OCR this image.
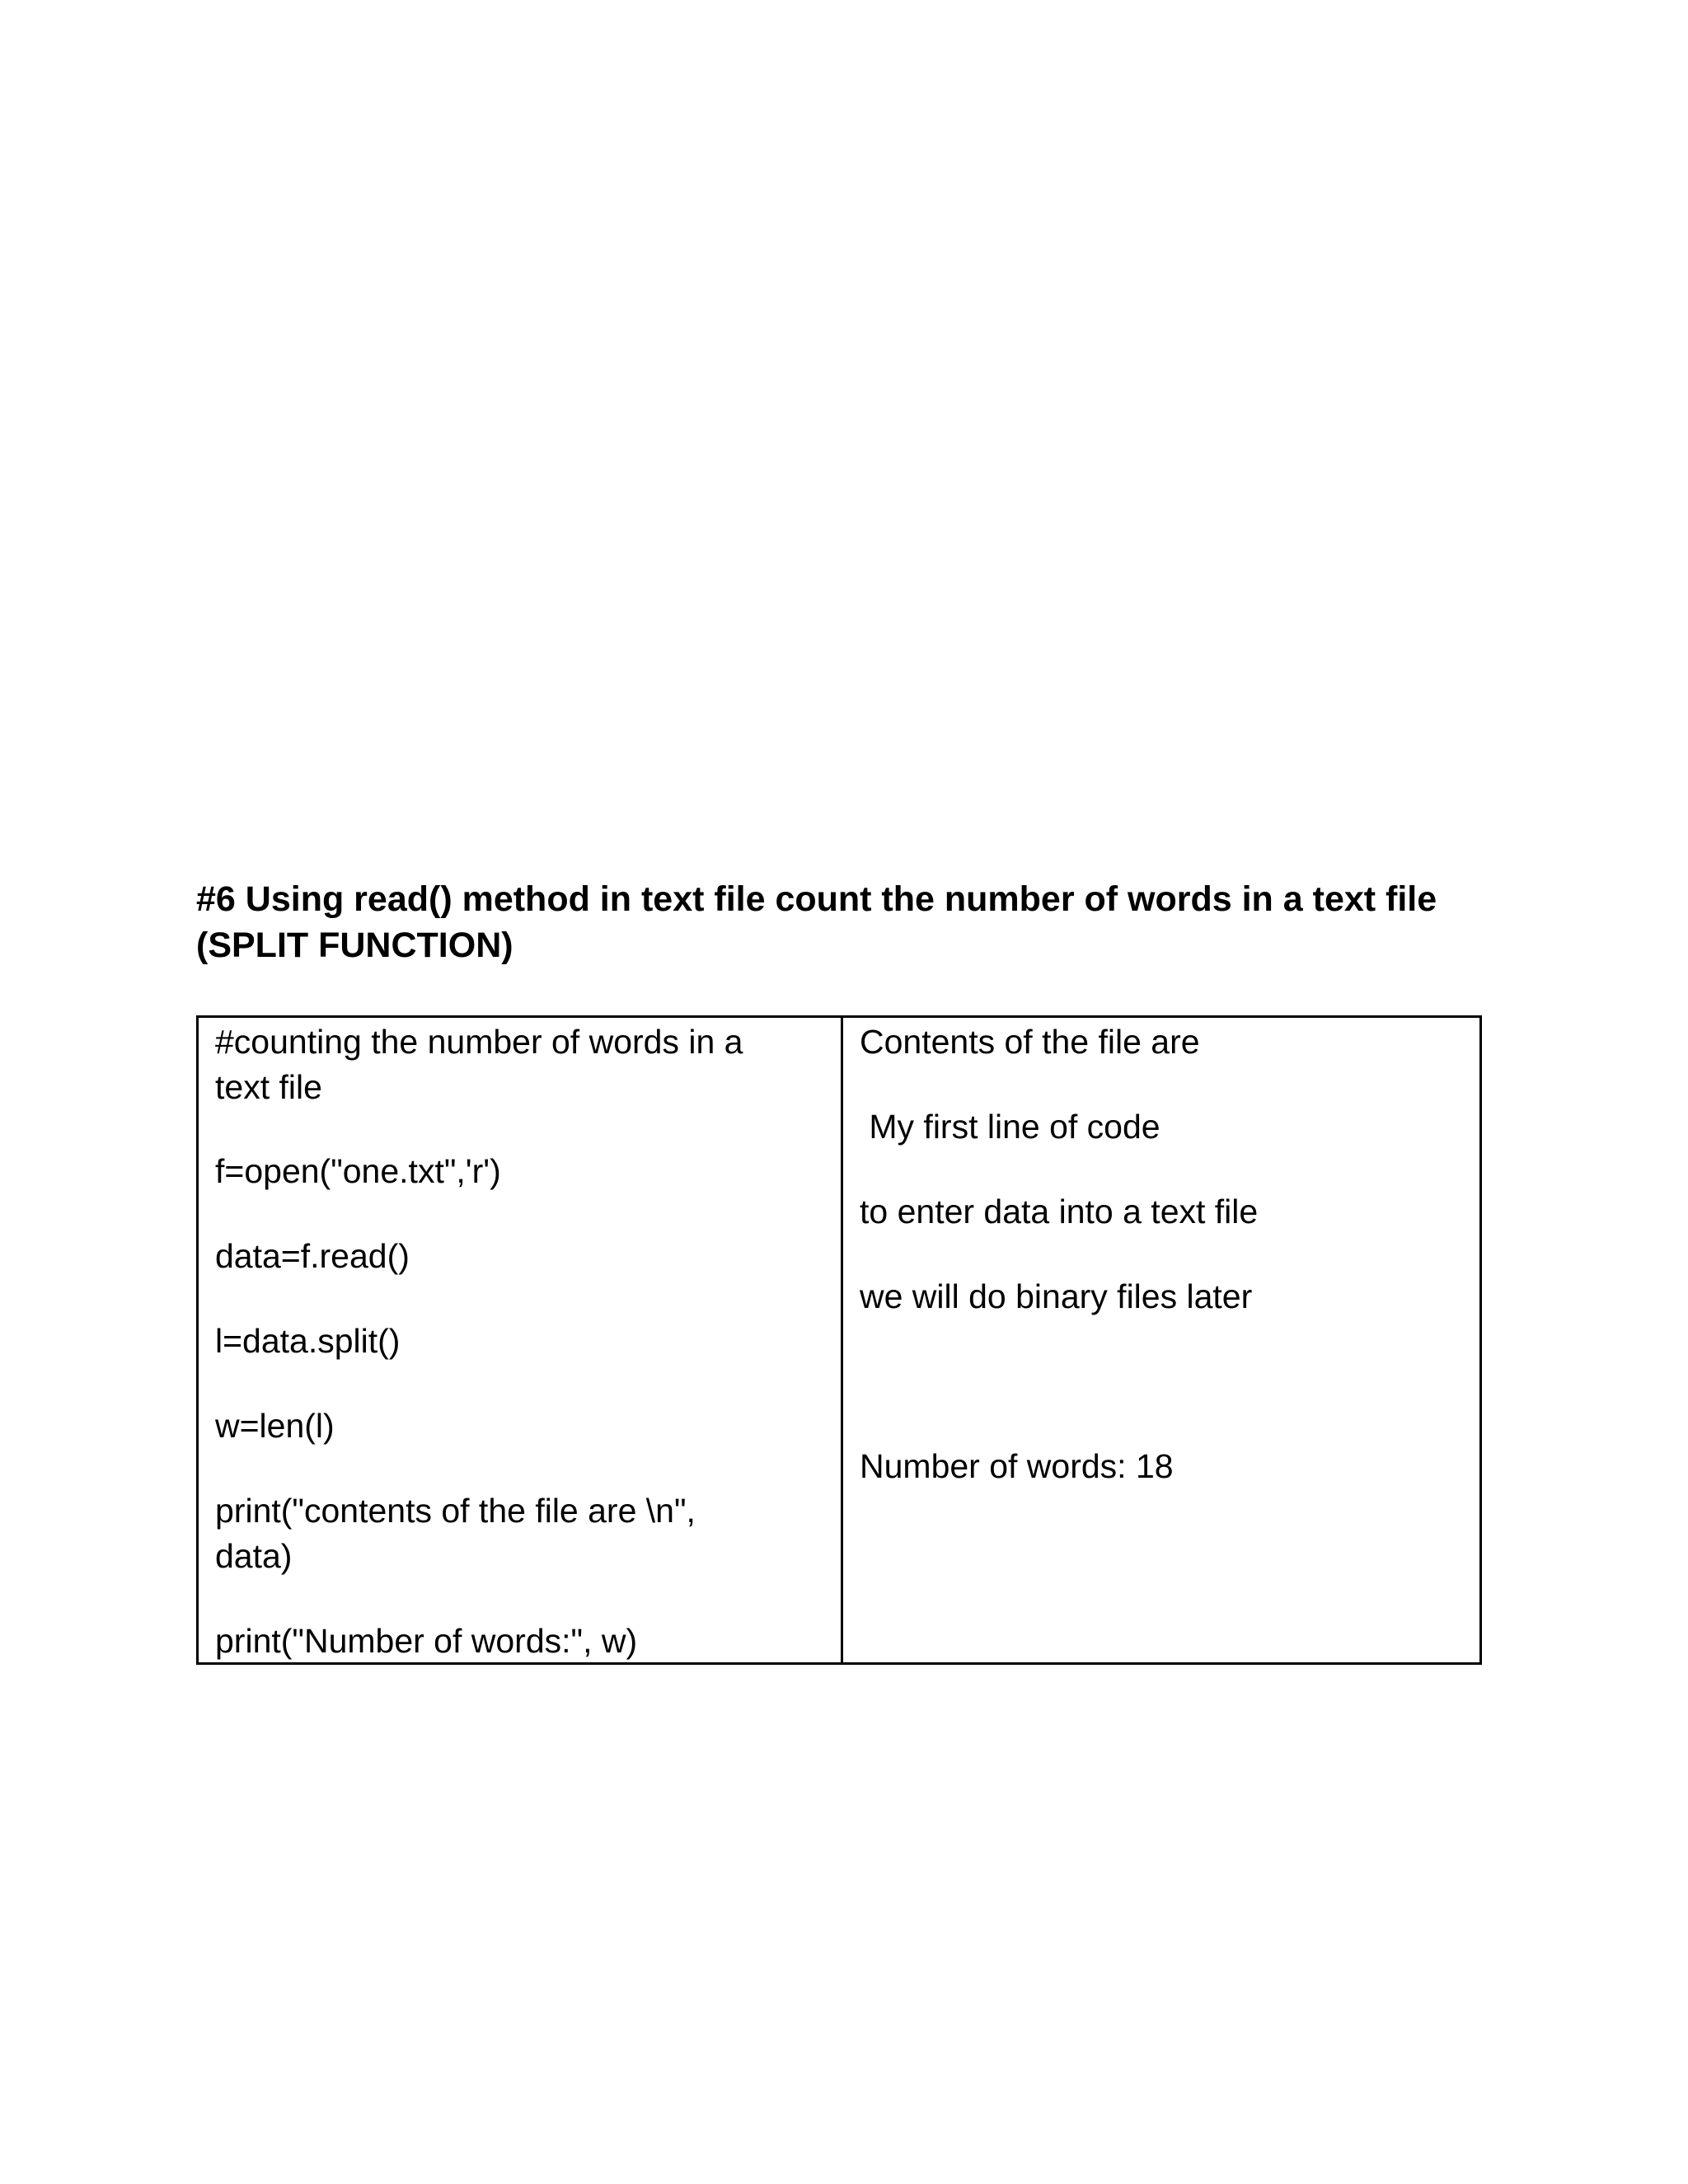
#6 Using read() method in text file count the number of words in a text file
(SPLIT FUNCTION)

#counting the number of words in a

text file

f=open("one.txt",'r')

data=f.read()

l=data.split()

w=len(l)

print("contents of the file are \n",

data)

print("Number of words:", w)

Contents of the file are

My first line of code

to enter data into a text file

we will do binary files later

Number of words: 18
